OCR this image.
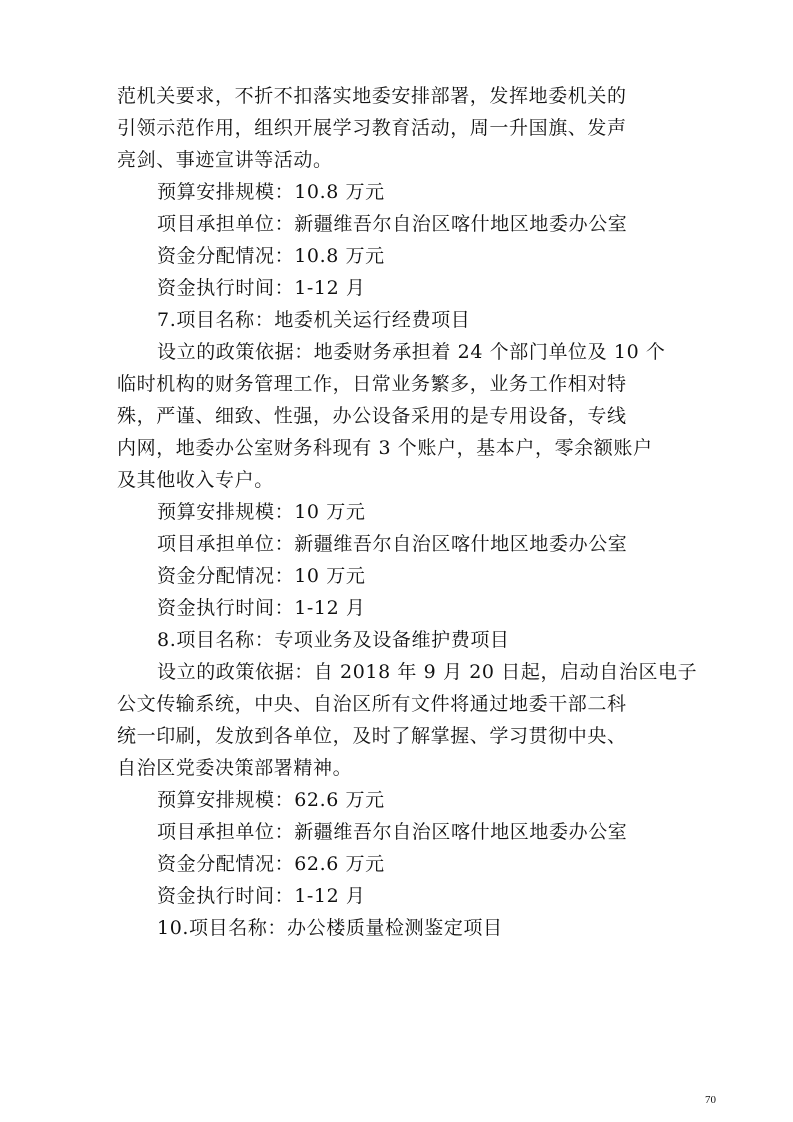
范机关要求，不折不扣落实地委安排部署，发挥地委机关的
引领示范作用，组织开展学习教育活动，周一升国旗、发声
亮剑、事迹宣讲等活动。
预算安排规模：10.8 万元
项目承担单位：新疆维吾尔自治区喀什地区地委办公室
资金分配情况：10.8 万元
资金执行时间：1-12 月
7.项目名称：地委机关运行经费项目
设立的政策依据：地委财务承担着 24 个部门单位及 10 个
临时机构的财务管理工作，日常业务繁多，业务工作相对特
殊，严谨、细致、性强，办公设备采用的是专用设备，专线
内网，地委办公室财务科现有 3 个账户，基本户，零余额账户
及其他收入专户。
预算安排规模：10 万元
项目承担单位：新疆维吾尔自治区喀什地区地委办公室
资金分配情况：10 万元
资金执行时间：1-12 月
8.项目名称：专项业务及设备维护费项目
设立的政策依据：自 2018 年 9 月 20 日起，启动自治区电子
公文传输系统，中央、自治区所有文件将通过地委干部二科
统一印刷，发放到各单位，及时了解掌握、学习贯彻中央、
自治区党委决策部署精神。
预算安排规模：62.6 万元
项目承担单位：新疆维吾尔自治区喀什地区地委办公室
资金分配情况：62.6 万元
资金执行时间：1-12 月
10.项目名称：办公楼质量检测鉴定项目
70
